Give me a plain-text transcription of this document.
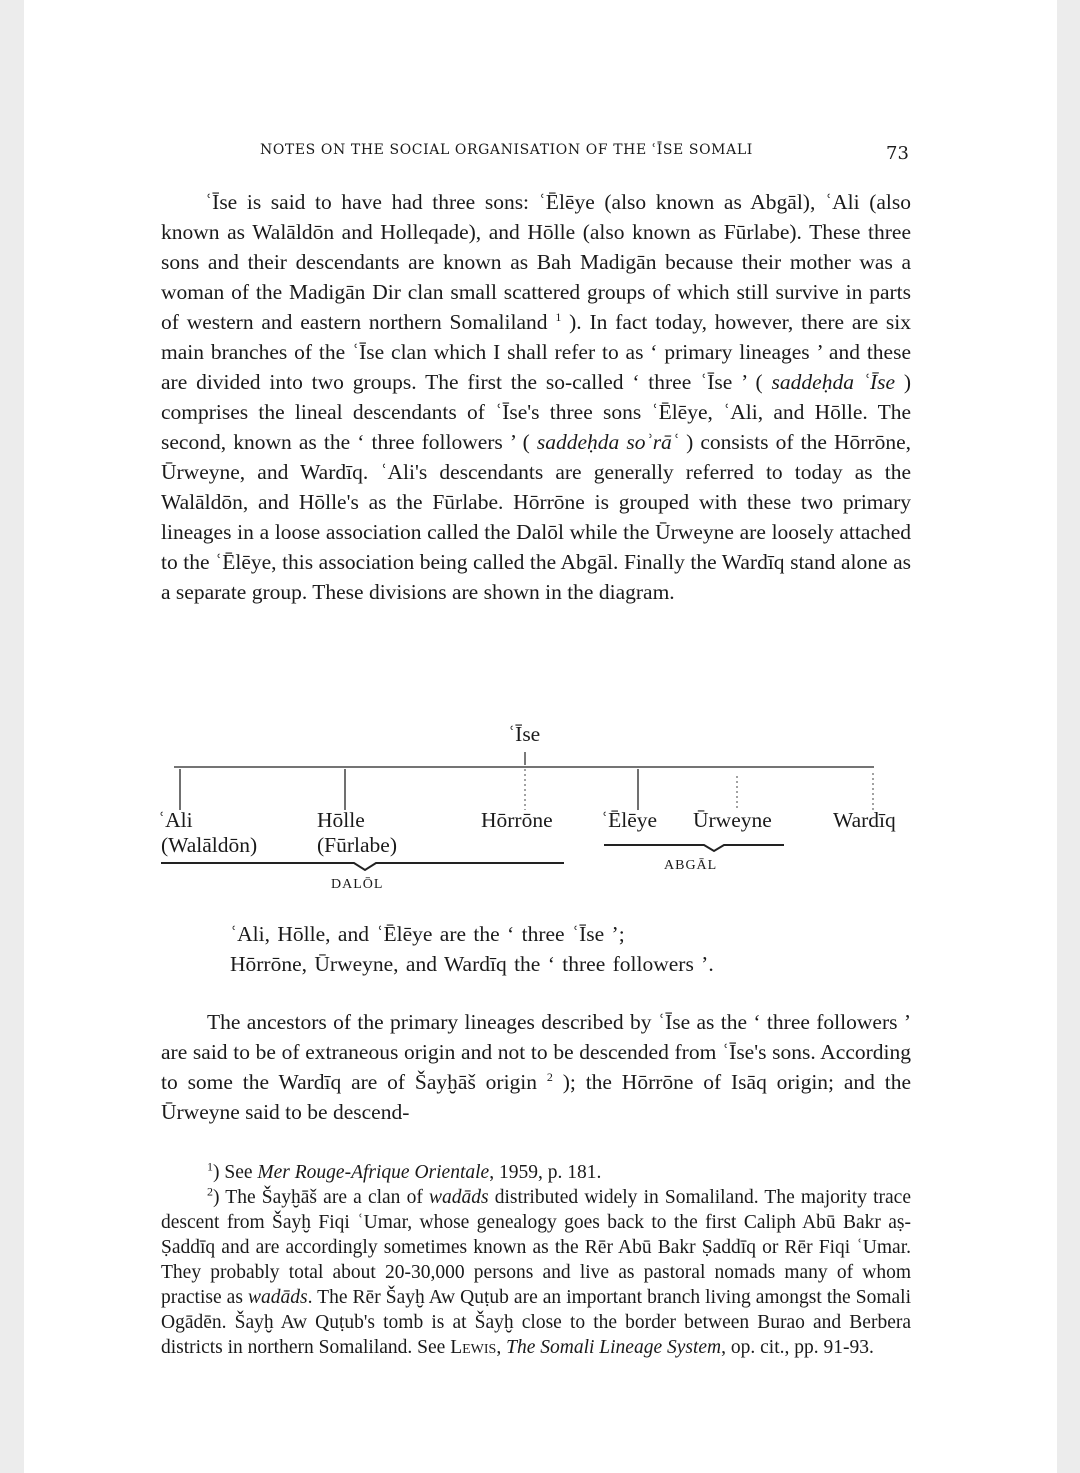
NOTES ON THE SOCIAL ORGANISATION OF THE ʿĪSE SOMALI	73

ʿĪse is said to have had three sons: ʿĒlēye (also known as Abgāl), ʿAli (also known as Walāldōn and Holleqade), and Hōlle (also known as Fūrlabe). These three sons and their descendants are known as Bah Madigān because their mother was a woman of the Madigān Dir clan small scattered groups of which still survive in parts of western and eastern northern Somaliland $^1$ ). In fact today, however, there are six main branches of the ʿĪse clan which I shall refer to as ‘ primary lineages ’ and these are divided into two groups. The first the so-called ‘ three ʿĪse ’ ( saddeḥda ʿĪse ) comprises the lineal descendants of ʿĪse's three sons ʿĒlēye, ʿAli, and Hōlle. The second, known as the ‘ three followers ’ ( saddeḥda soʾrāʿ ) consists of the Hōrrōne, Ūrweyne, and Wardīq. ʿAli's descendants are generally referred to today as the Walāldōn, and Hōlle's as the Fūrlabe. Hōrrōne is grouped with these two primary lineages in a loose association called the Dalōl while the Ūrweyne are loosely attached to the ʿĒlēye, this association being called the Abgāl. Finally the Wardīq stand alone as a separate group. These divisions are shown in the diagram.

ʿĪse
ʿAli
(Walāldōn)
Hōlle
(Fūrlabe)
Hōrrōne ʿĒlēye Ūrweyne	Wardīq
DALŌL
ABGĀL
ʿAli, Hōlle, and ʿĒlēye are the ‘ three ʿĪse ’;
Hōrrōne, Ūrweyne, and Wardīq the ‘ three followers ’.

The ancestors of the primary lineages described by ʿĪse as the ‘ three followers ’ are said to be of extraneous origin and not to be descended from ʿĪse's sons. According to some the Wardīq are of Šayḫāš origin $^2$ ); the Hōrrōne of Isāq origin; and the Ūrweyne said to be descend-

$^1$) See Mer Rouge-Afrique Orientale, 1959, p. 181.

$^2$) The Šayḫāš are a clan of wadāds distributed widely in Somaliland. The majority trace descent from Šayḫ Fiqi ʿUmar, whose genealogy goes back to the first Caliph Abū Bakr aṣ-Ṣaddīq and are accordingly sometimes known as the Rēr Abū Bakr Ṣaddīq or Rēr Fiqi ʿUmar. They probably total about 20-30,000 persons and live as pastoral nomads many of whom practise as wadāds. The Rēr Šayḫ Aw Quṭub are an important branch living amongst the Somali Ogādēn. Šayḫ Aw Quṭub's tomb is at Šayḫ close to the border between Burao and Berbera districts in northern Somaliland. See Lewis, The Somali Lineage System, op. cit., pp. 91-93.
